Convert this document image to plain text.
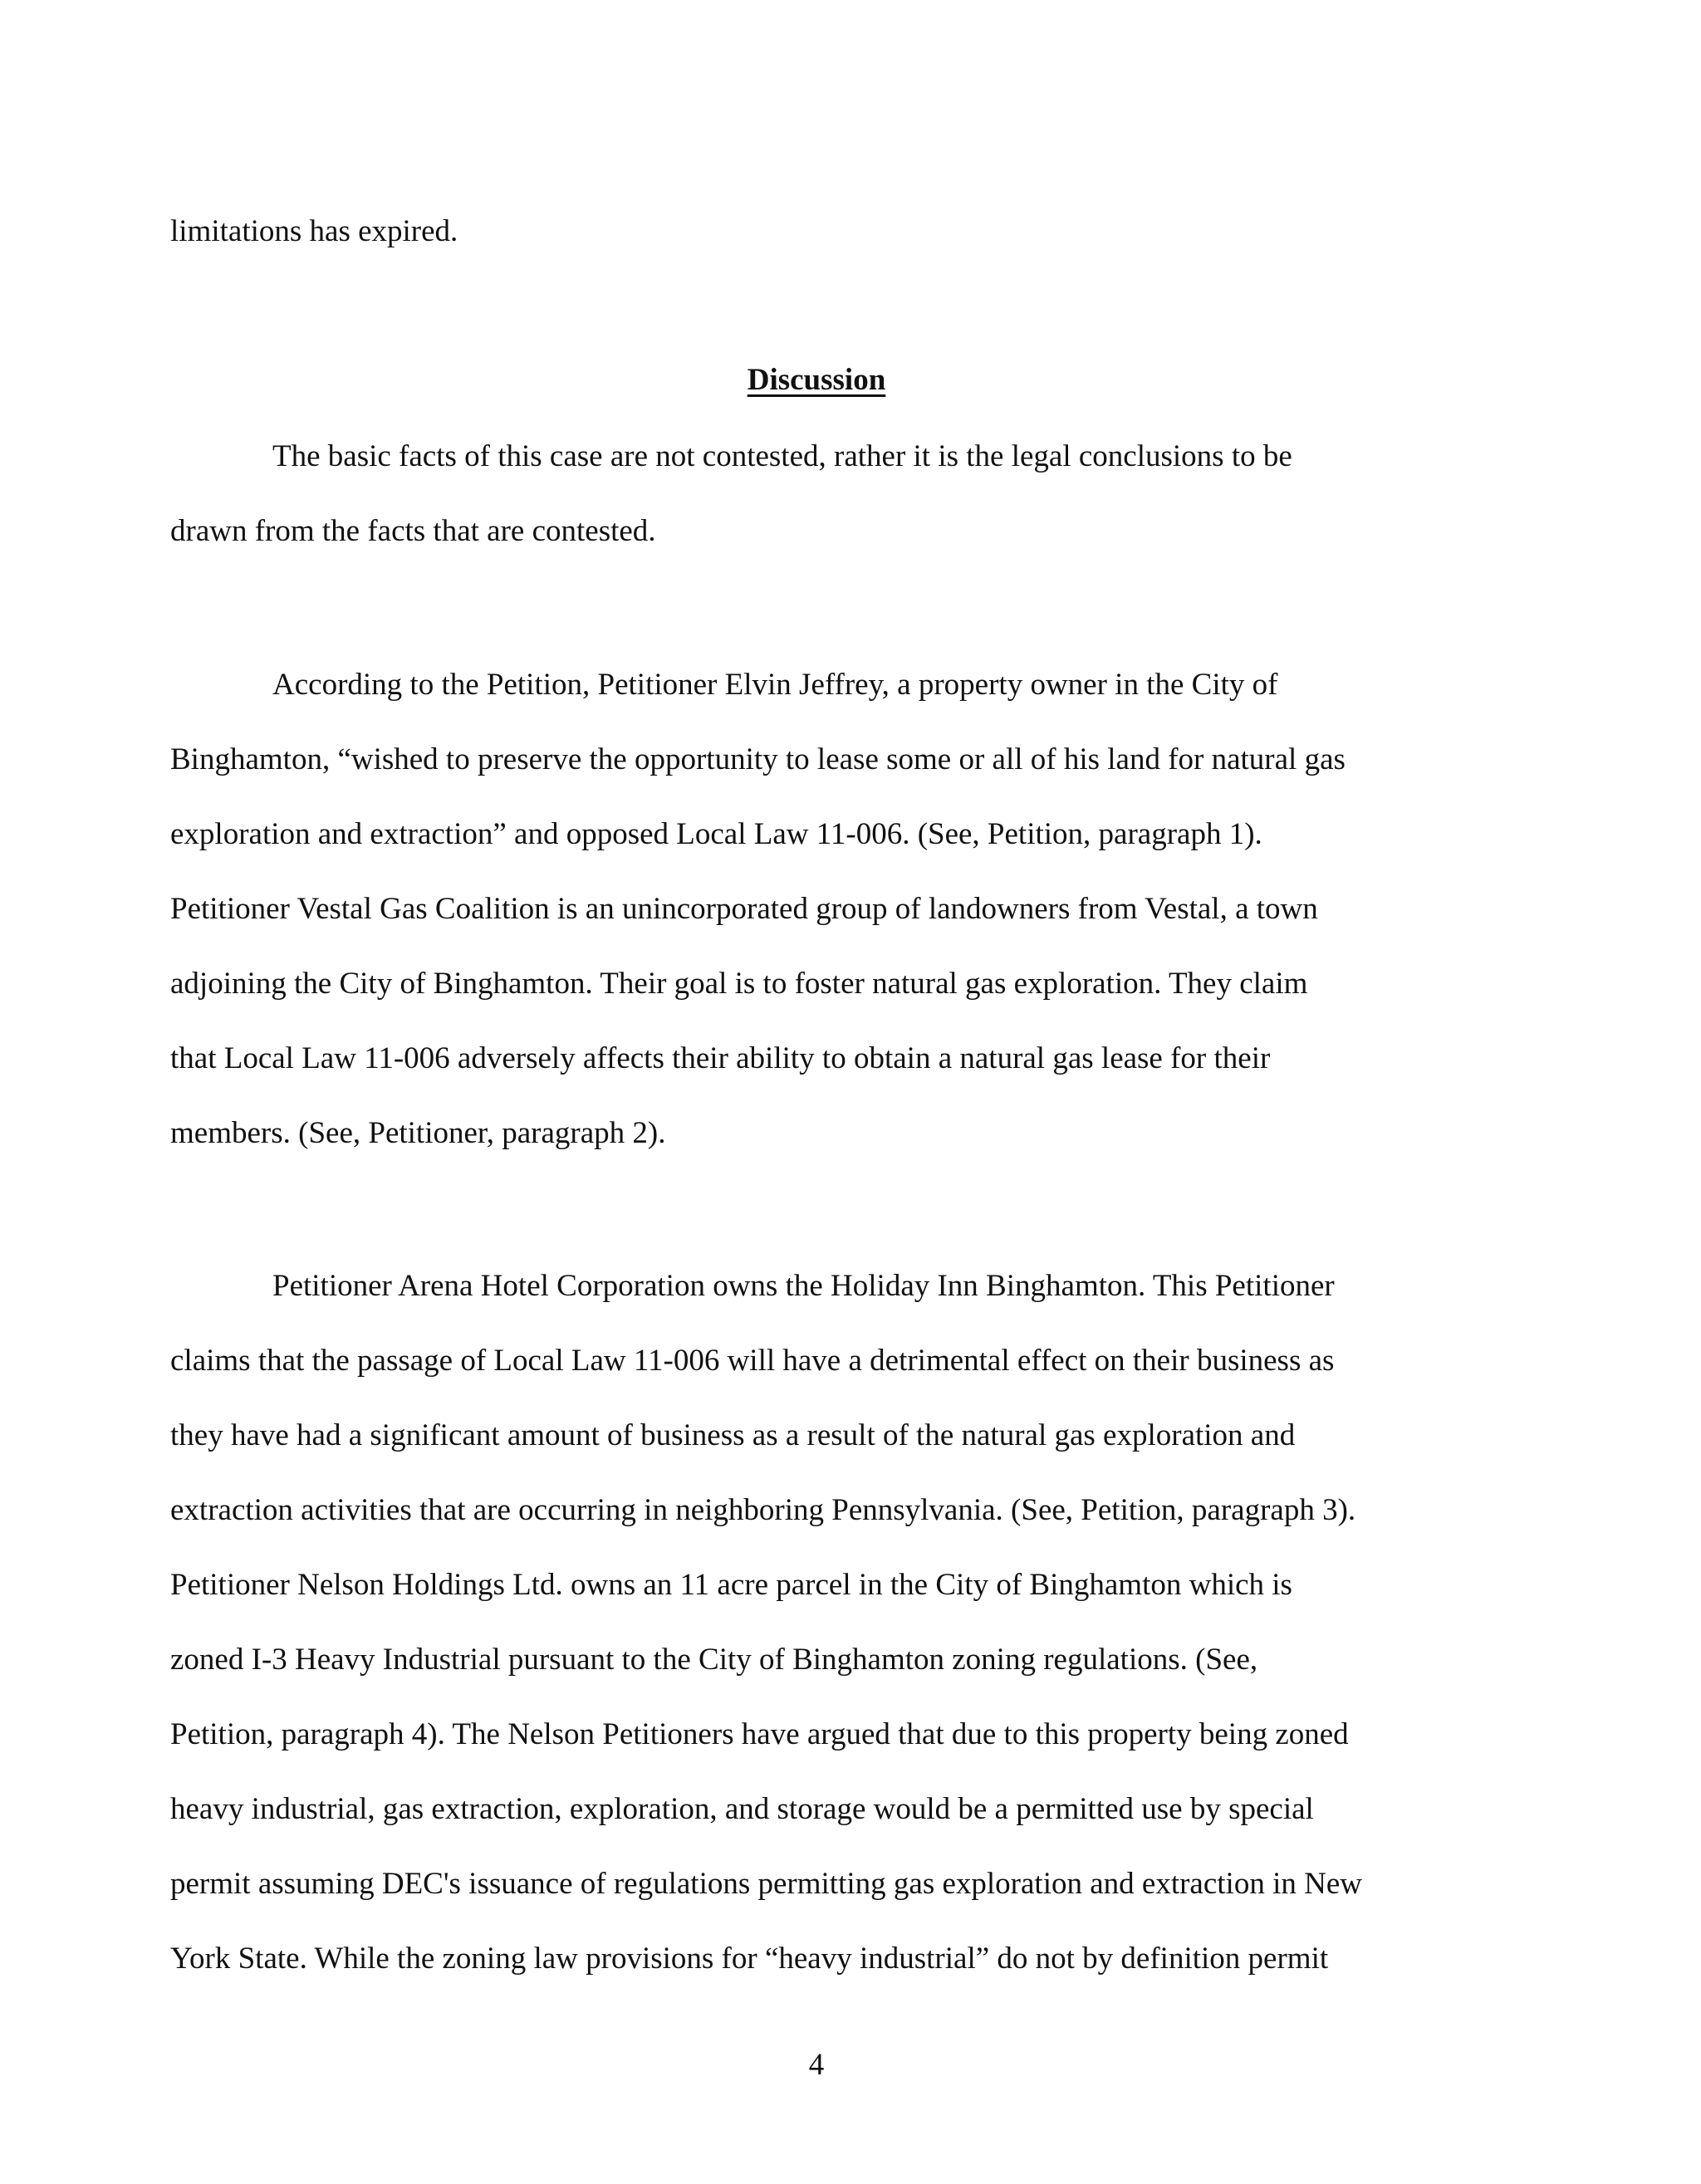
limitations has expired.
Discussion
The basic facts of this case are not contested, rather it is the legal conclusions to be
drawn from the facts that are contested.
According to the Petition, Petitioner Elvin Jeffrey, a property owner in the City of
Binghamton, “wished to preserve the opportunity to lease some or all of his land for natural gas
exploration and extraction” and opposed Local Law 11-006. (See, Petition, paragraph 1).
Petitioner Vestal Gas Coalition is an unincorporated group of landowners from Vestal, a town
adjoining the City of Binghamton. Their goal is to foster natural gas exploration. They claim
that Local Law 11-006 adversely affects their ability to obtain a natural gas lease for their
members. (See, Petitioner, paragraph 2).
Petitioner Arena Hotel Corporation owns the Holiday Inn Binghamton. This Petitioner
claims that the passage of Local Law 11-006 will have a detrimental effect on their business as
they have had a significant amount of business as a result of the natural gas exploration and
extraction activities that are occurring in neighboring Pennsylvania. (See, Petition, paragraph 3).
Petitioner Nelson Holdings Ltd. owns an 11 acre parcel in the City of Binghamton which is
zoned I-3 Heavy Industrial pursuant to the City of Binghamton zoning regulations. (See,
Petition, paragraph 4). The Nelson Petitioners have argued that due to this property being zoned
heavy industrial, gas extraction, exploration, and storage would be a permitted use by special
permit assuming DEC's issuance of regulations permitting gas exploration and extraction in New
York State. While the zoning law provisions for “heavy industrial” do not by definition permit
4
